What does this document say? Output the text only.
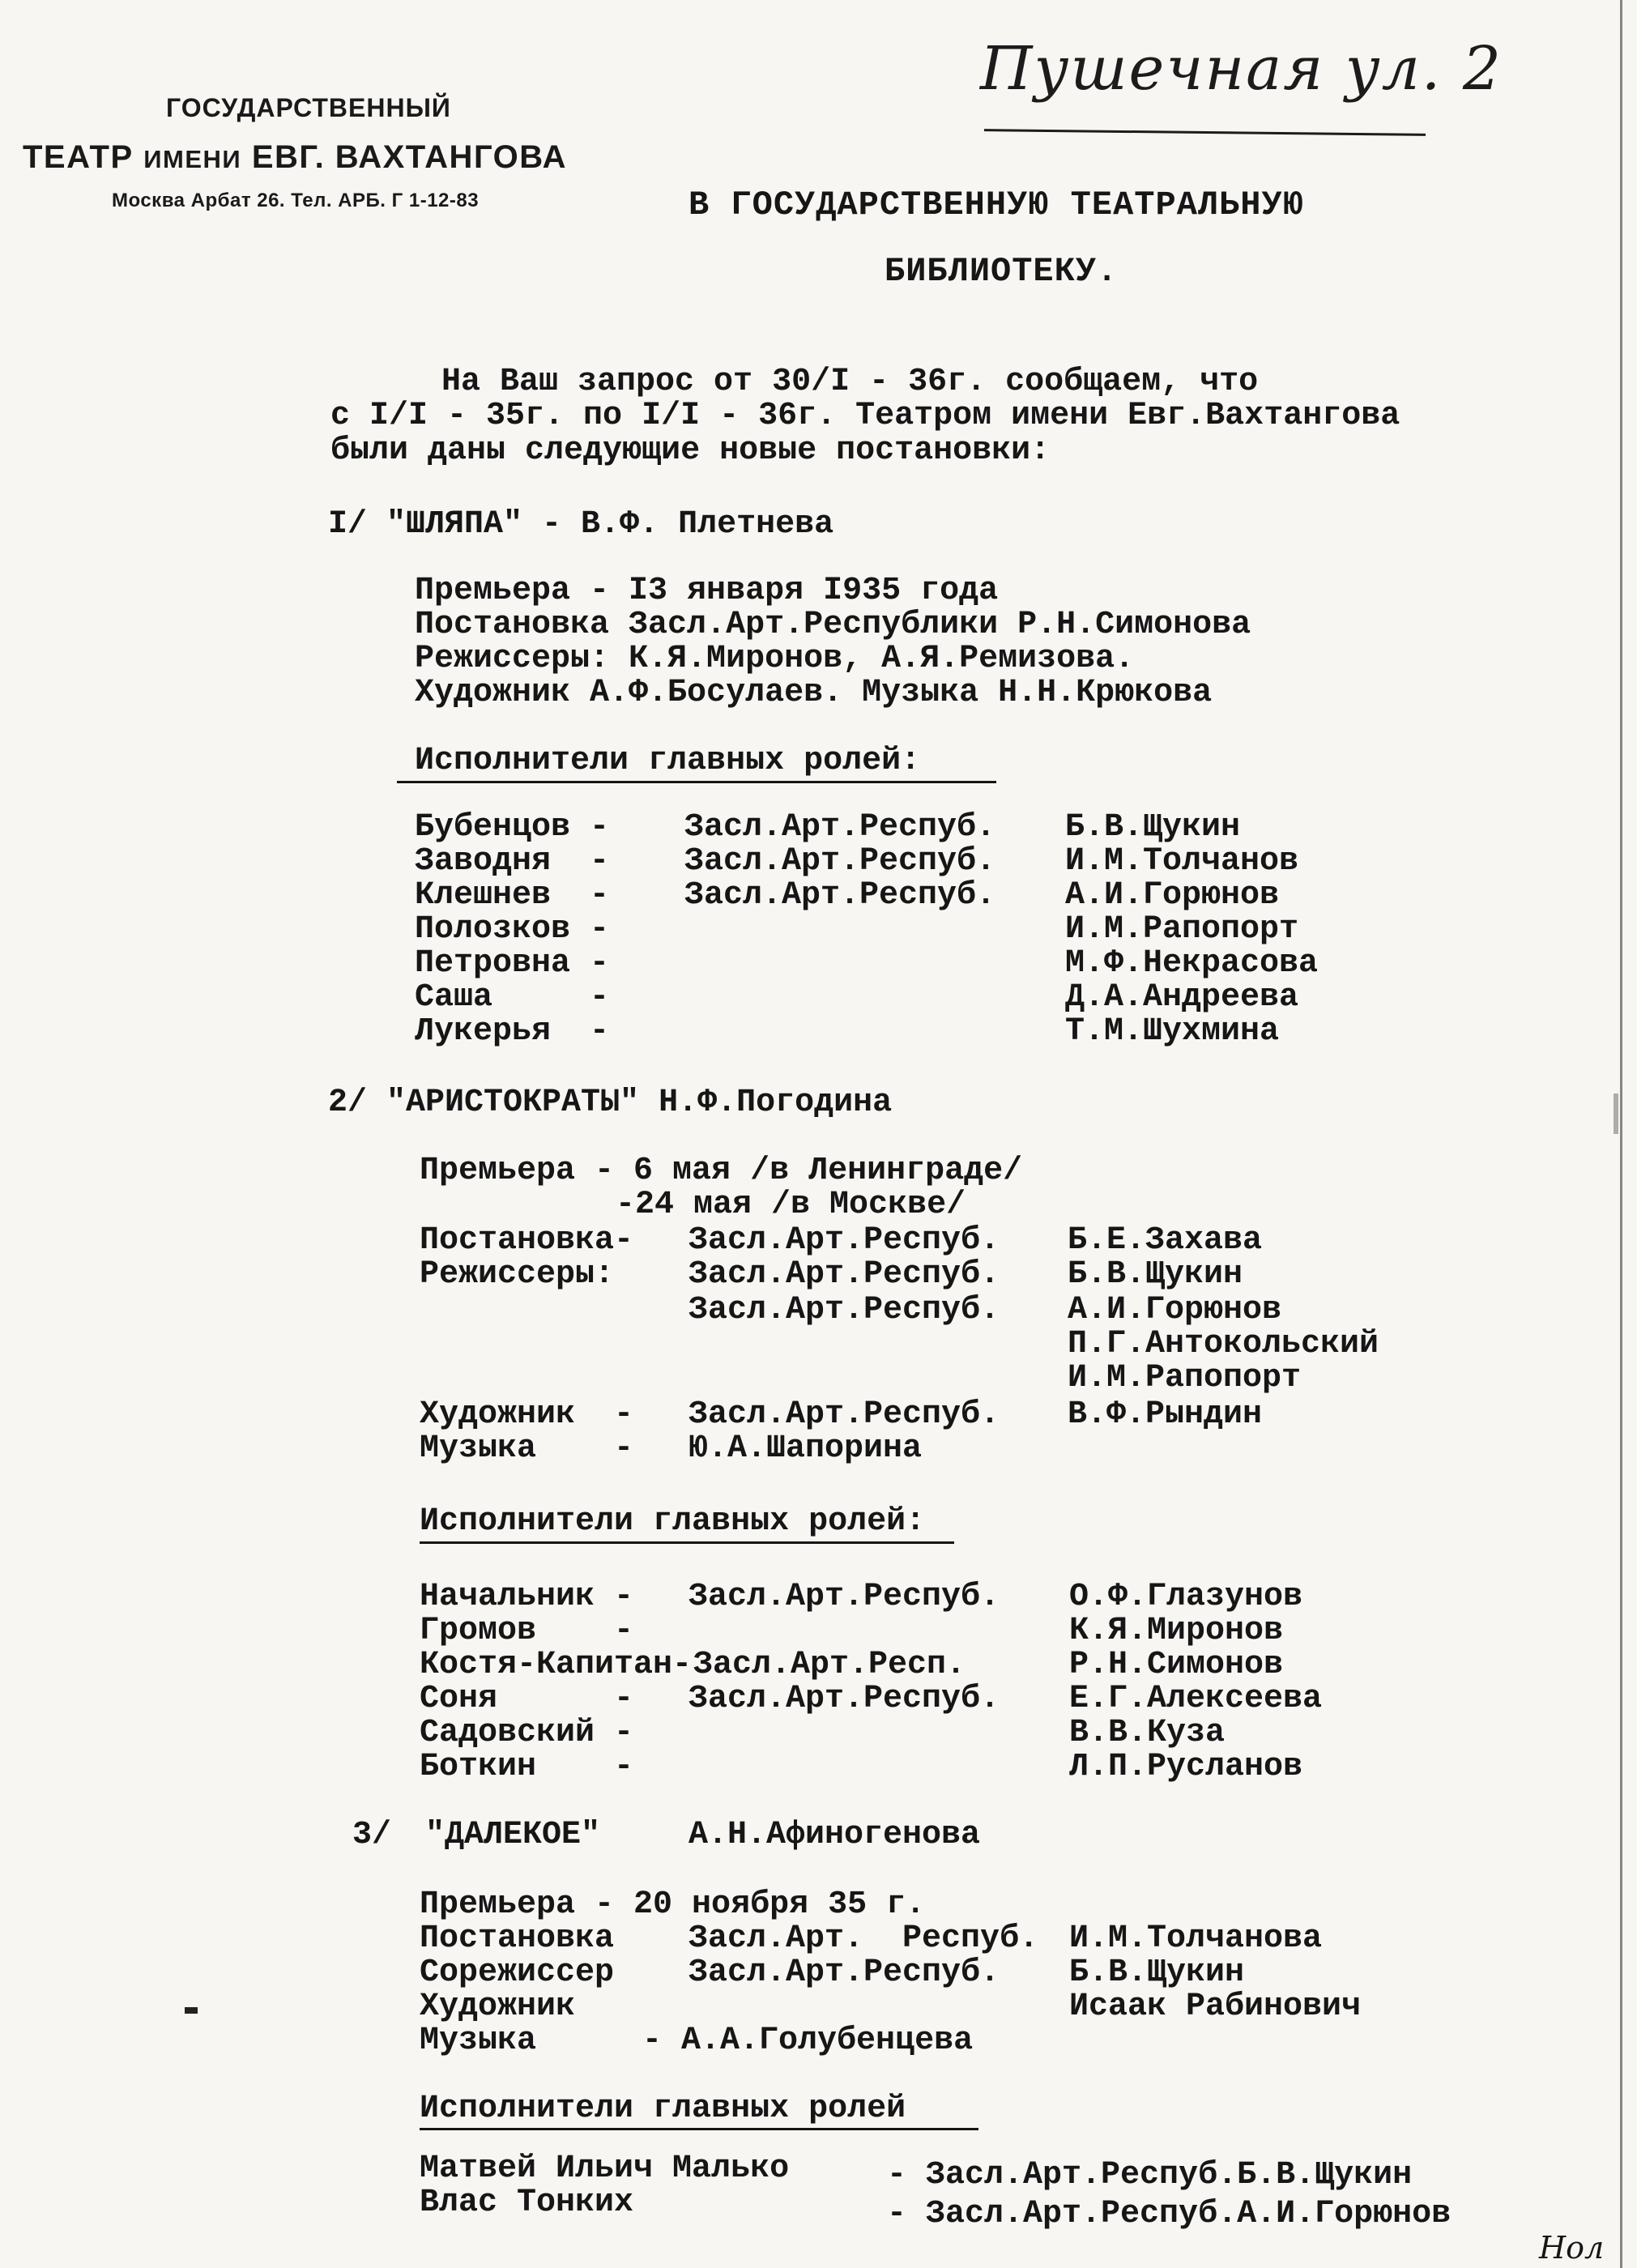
ГОСУДАРСТВЕННЫЙ
ТЕАТР ИМЕНИ ЕВГ. ВАХТАНГОВА
Москва Арбат 26. Тел. АРБ. Г 1-12-83
Пушечная ул. 2
В ГОСУДАРСТВЕННУЮ ТЕАТРАЛЬНУЮ
БИБЛИОТЕКУ.
На Ваш запрос от 30/I - 36г. сообщаем, что
с I/I - 35г. по I/I - 36г. Театром имени Евг.Вахтангова
были даны следующие новые постановки:
I/ "ШЛЯПА" - В.Ф. Плетнева
Премьера - I3 января I935 года
Постановка Засл.Арт.Республики Р.Н.Симонова
Режиссеры: К.Я.Миронов, А.Я.Ремизова.
Художник А.Ф.Босулаев. Музыка Н.Н.Крюкова
Исполнители главных ролей:
Бубенцов - Засл.Арт.Респуб. Б.В.Щукин
Заводня  - Засл.Арт.Респуб. И.М.Толчанов
Клешнев  - Засл.Арт.Респуб. А.И.Горюнов
Полозков -	И.М.Рапопорт
Петровна -	М.Ф.Некрасова
Саша     -	Д.А.Андреева
Лукерья  -	Т.М.Шухмина
2/ "АРИСТОКРАТЫ" Н.Ф.Погодина
Премьера - 6 мая /в Ленинграде/
-24 мая /в Москве/
Постановка- Засл.Арт.Респуб. Б.Е.Захава
Режиссеры: Засл.Арт.Респуб. Б.В.Щукин
Засл.Арт.Респуб. А.И.Горюнов
П.Г.Антокольский
И.М.Рапопорт
Художник  - Засл.Арт.Респуб. В.Ф.Рындин
Музыка    - Ю.А.Шапорина
Исполнители главных ролей:
Начальник - Засл.Арт.Респуб. О.Ф.Глазунов
Громов    -	К.Я.Миронов
Костя-Капитан- Засл.Арт.Респ.	Р.Н.Симонов
Соня      - Засл.Арт.Респуб. Е.Г.Алексеева
Садовский -	В.В.Куза
Боткин    -	Л.П.Русланов
3/ "ДАЛЕКОЕ"	А.Н.Афиногенова
Премьера - 20 ноября 35 г.
Постановка Засл.Арт.  Респуб. И.М.Толчанова
Сорежиссер Засл.Арт.Респуб. Б.В.Щукин
Художник	Исаак Рабинович
Музыка - А.А.Голубенцева
Исполнители главных ролей
Матвей Ильич Малько	- Засл.Арт.Респуб.Б.В.Щукин
Влас Тонких	- Засл.Арт.Респуб.А.И.Горюнов
Нол
